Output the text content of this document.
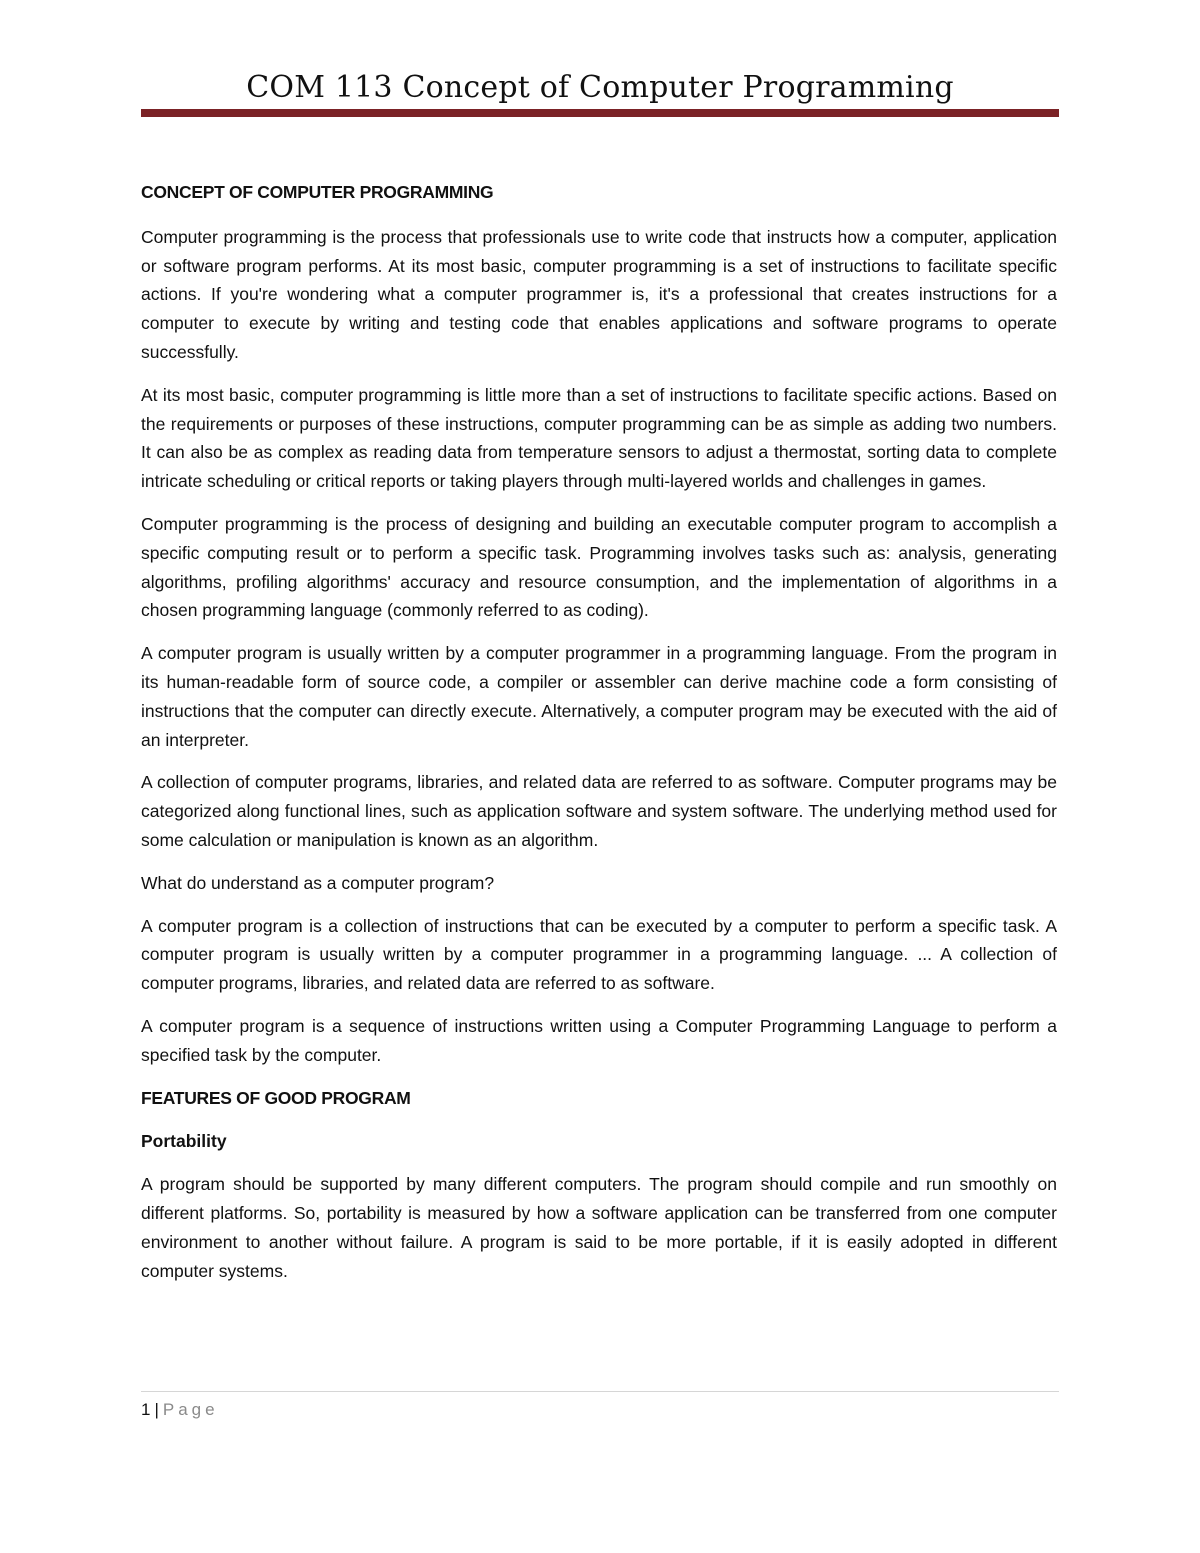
COM 113 Concept of Computer Programming
CONCEPT OF COMPUTER PROGRAMMING

Computer programming is the process that professionals use to write code that instructs how a computer, application or software program performs. At its most basic, computer programming is a set of instructions to facilitate specific actions. If you're wondering what a computer programmer is, it's a professional that creates instructions for a computer to execute by writing and testing code that enables applications and software programs to operate successfully.

At its most basic, computer programming is little more than a set of instructions to facilitate specific actions. Based on the requirements or purposes of these instructions, computer programming can be as simple as adding two numbers. It can also be as complex as reading data from temperature sensors to adjust a thermostat, sorting data to complete intricate scheduling or critical reports or taking players through multi-layered worlds and challenges in games.

Computer programming is the process of designing and building an executable computer program to accomplish a specific computing result or to perform a specific task. Programming involves tasks such as: analysis, generating algorithms, profiling algorithms' accuracy and resource consumption, and the implementation of algorithms in a chosen programming language (commonly referred to as coding).

A computer program is usually written by a computer programmer in a programming language. From the program in its human-readable form of source code, a compiler or assembler can derive machine code a form consisting of instructions that the computer can directly execute. Alternatively, a computer program may be executed with the aid of an interpreter.

A collection of computer programs, libraries, and related data are referred to as software. Computer programs may be categorized along functional lines, such as application software and system software. The underlying method used for some calculation or manipulation is known as an algorithm.

What do understand as a computer program?

A computer program is a collection of instructions that can be executed by a computer to perform a specific task. A computer program is usually written by a computer programmer in a programming language. ... A collection of computer programs, libraries, and related data are referred to as software.

A computer program is a sequence of instructions written using a Computer Programming Language to perform a specified task by the computer.

FEATURES OF GOOD PROGRAM
Portability

A program should be supported by many different computers. The program should compile and run smoothly on different platforms. So, portability is measured by how a software application can be transferred from one computer environment to another without failure. A program is said to be more portable, if it is easily adopted in different computer systems.

1 | Page
